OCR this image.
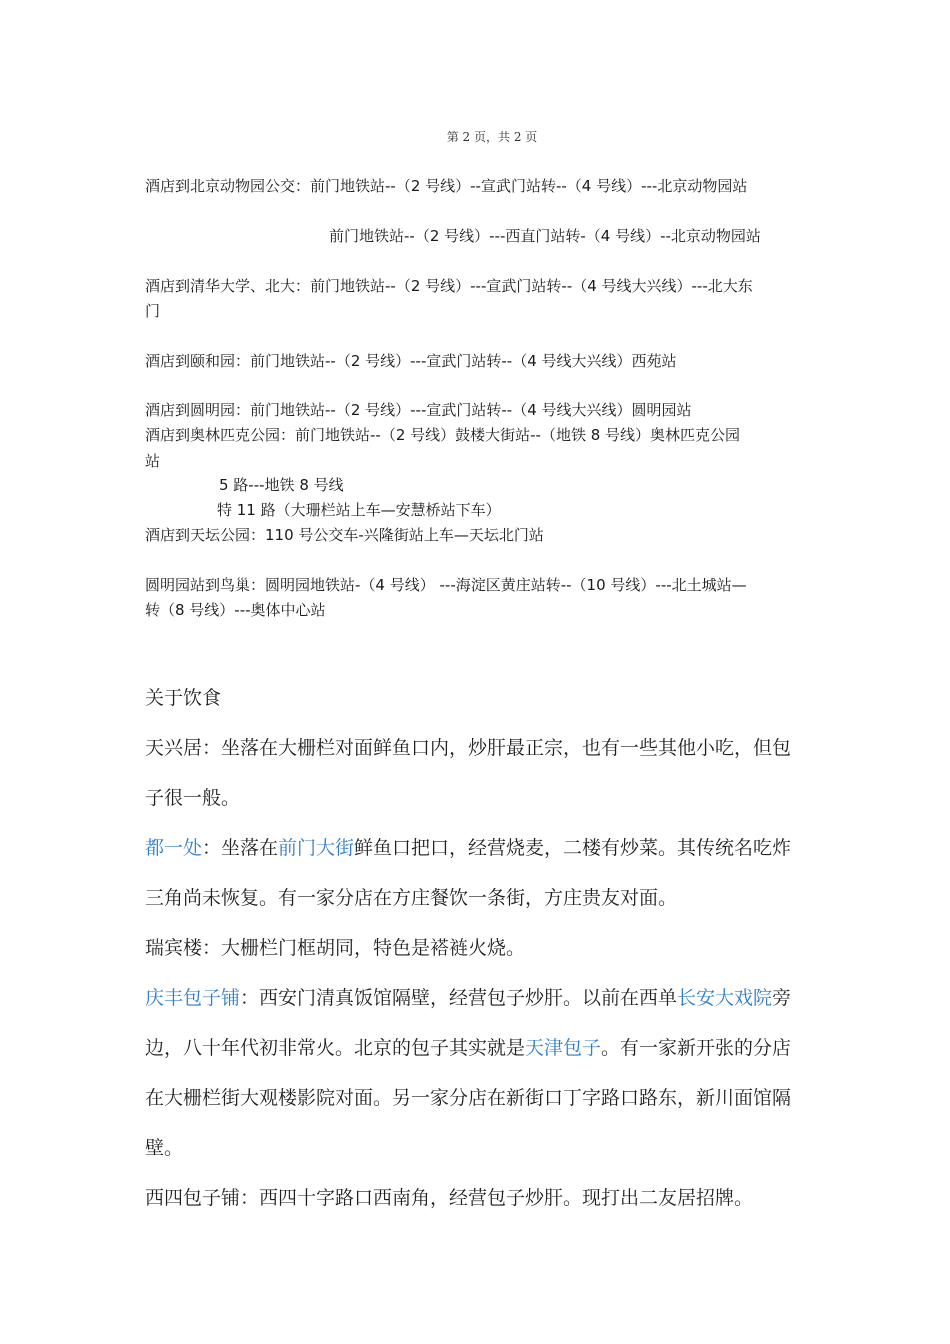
第 2 页，共 2 页
酒店到北京动物园公交：前门地铁站--（2 号线）--宣武门站转--（4 号线）---北京动物园站
前门地铁站--（2 号线）---西直门站转-（4 号线）--北京动物园站
酒店到清华大学、北大：前门地铁站--（2 号线）---宣武门站转--（4 号线大兴线）---北大东
门
酒店到颐和园：前门地铁站--（2 号线）---宣武门站转--（4 号线大兴线）西苑站
酒店到圆明园：前门地铁站--（2 号线）---宣武门站转--（4 号线大兴线）圆明园站
酒店到奥林匹克公园：前门地铁站--（2 号线）鼓楼大街站--（地铁 8 号线）奥林匹克公园
站
5 路---地铁 8 号线
特 11 路（大珊栏站上车—安慧桥站下车）
酒店到天坛公园：110 号公交车-兴隆街站上车—天坛北门站
圆明园站到鸟巢：圆明园地铁站-（4 号线） ---海淀区黄庄站转--（10 号线）---北土城站—
转（8 号线）---奥体中心站
关于饮食
天兴居：坐落在大栅栏对面鲜鱼口内，炒肝最正宗，也有一些其他小吃，但包
子很一般。
都一处：坐落在前门大街鲜鱼口把口，经营烧麦，二楼有炒菜。其传统名吃炸
三角尚未恢复。有一家分店在方庄餐饮一条街，方庄贵友对面。
瑞宾楼：大栅栏门框胡同，特色是褡裢火烧。
庆丰包子铺：西安门清真饭馆隔壁，经营包子炒肝。以前在西单长安大戏院旁
边，八十年代初非常火。北京的包子其实就是天津包子。有一家新开张的分店
在大栅栏街大观楼影院对面。另一家分店在新街口丁字路口路东，新川面馆隔
壁。
西四包子铺：西四十字路口西南角，经营包子炒肝。现打出二友居招牌。
